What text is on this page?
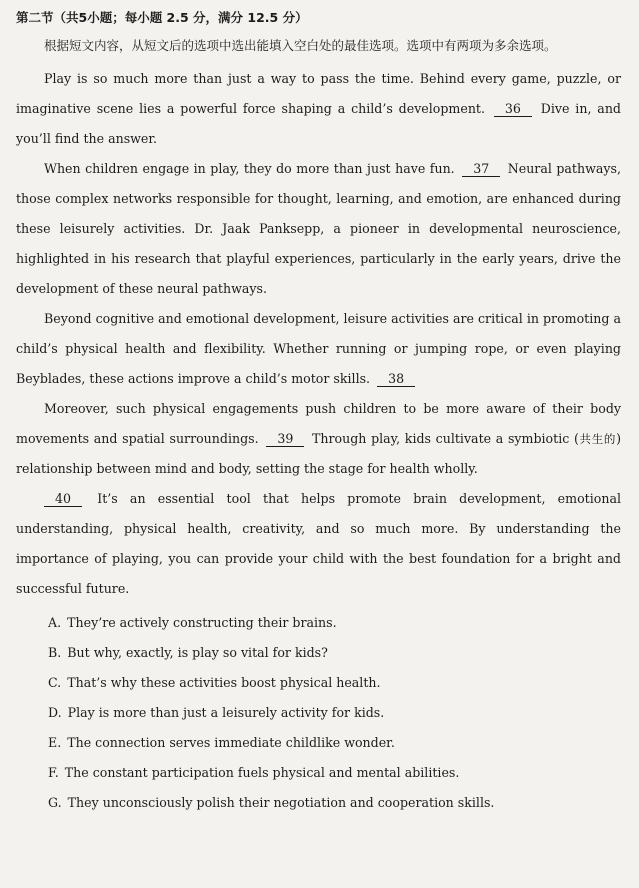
第二节（共5小题；每小题 2.5 分，满分 12.5 分）
根据短文内容，从短文后的选项中选出能填入空白处的最佳选项。选项中有两项为多余选项。

Play is so much more than just a way to pass the time. Behind every game, puzzle, or imaginative scene lies a powerful force shaping a child’s development. 36 Dive in, and you’ll find the answer.

When children engage in play, they do more than just have fun. 37 Neural pathways, those complex networks responsible for thought, learning, and emotion, are enhanced during these leisurely activities. Dr. Jaak Panksepp, a pioneer in developmental neuroscience, highlighted in his research that playful experiences, particularly in the early years, drive the development of these neural pathways.

Beyond cognitive and emotional development, leisure activities are critical in promoting a child’s physical health and flexibility. Whether running or jumping rope, or even playing Beyblades, these actions improve a child’s motor skills. 38

Moreover, such physical engagements push children to be more aware of their body movements and spatial surroundings. 39 Through play, kids cultivate a symbiotic (共生的) relationship between mind and body, setting the stage for health wholly.

40 It’s an essential tool that helps promote brain development, emotional understanding, physical health, creativity, and so much more. By understanding the importance of playing, you can provide your child with the best foundation for a bright and successful future.

A. They’re actively constructing their brains.
B. But why, exactly, is play so vital for kids?
C. That’s why these activities boost physical health.
D. Play is more than just a leisurely activity for kids.
E. The connection serves immediate childlike wonder.
F. The constant participation fuels physical and mental abilities.
G. They unconsciously polish their negotiation and cooperation skills.
